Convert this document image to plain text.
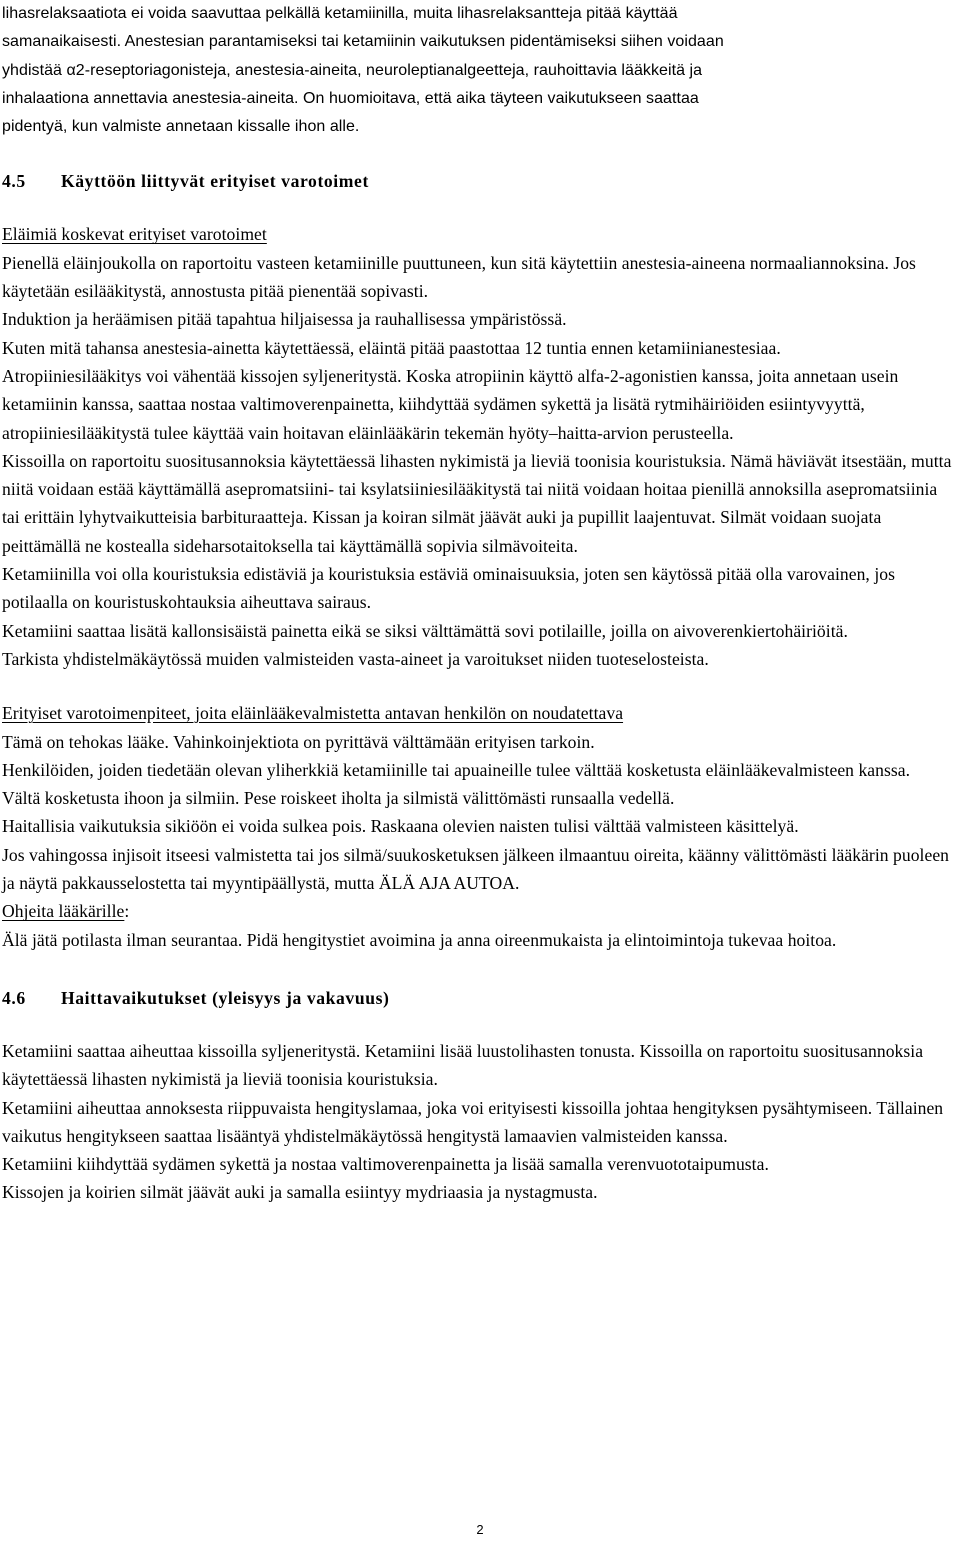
lihasrelaksaatiota ei voida saavuttaa pelkällä ketamiinilla, muita lihasrelaksantteja pitää käyttää

samanaikaisesti. Anestesian parantamiseksi tai ketamiinin vaikutuksen pidentämiseksi siihen voidaan

yhdistää α2-reseptoriagonisteja, anestesia-aineita, neuroleptianalgeetteja, rauhoittavia lääkkeitä ja

inhalaationa annettavia anestesia-aineita. On huomioitava, että aika täyteen vaikutukseen saattaa

pidentyä, kun valmiste annetaan kissalle ihon alle.

4.5	Käyttöön liittyvät erityiset varotoimet

Eläimiä koskevat erityiset varotoimet

Pienellä eläinjoukolla on raportoitu vasteen ketamiinille puuttuneen, kun sitä käytettiin anestesia-aineena normaaliannoksina. Jos käytetään esilääkitystä, annostusta pitää pienentää sopivasti.

Induktion ja heräämisen pitää tapahtua hiljaisessa ja rauhallisessa ympäristössä.

Kuten mitä tahansa anestesia-ainetta käytettäessä, eläintä pitää paastottaa 12 tuntia ennen ketamiinianestesiaa.

Atropiiniesilääkitys voi vähentää kissojen syljeneritystä. Koska atropiinin käyttö alfa-2-agonistien kanssa, joita annetaan usein ketamiinin kanssa, saattaa nostaa valtimoverenpainetta, kiihdyttää sydämen sykettä ja lisätä rytmihäiriöiden esiintyvyyttä, atropiiniesilääkitystä tulee käyttää vain hoitavan eläinlääkärin tekemän hyöty–haitta-arvion perusteella.

Kissoilla on raportoitu suositusannoksia käytettäessä lihasten nykimistä ja lieviä toonisia kouristuksia. Nämä häviävät itsestään, mutta niitä voidaan estää käyttämällä asepromatsiini- tai ksylatsiiniesilääkitystä tai niitä voidaan hoitaa pienillä annoksilla asepromatsiinia tai erittäin lyhytvaikutteisia barbituraatteja. Kissan ja koiran silmät jäävät auki ja pupillit laajentuvat. Silmät voidaan suojata peittämällä ne kostealla sideharsotaitoksella tai käyttämällä sopivia silmävoiteita.

Ketamiinilla voi olla kouristuksia edistäviä ja kouristuksia estäviä ominaisuuksia, joten sen käytössä pitää olla varovainen, jos potilaalla on kouristuskohtauksia aiheuttava sairaus.

Ketamiini saattaa lisätä kallonsisäistä painetta eikä se siksi välttämättä sovi potilaille, joilla on aivoverenkiertohäiriöitä.

Tarkista yhdistelmäkäytössä muiden valmisteiden vasta-aineet ja varoitukset niiden tuoteselosteista.

Erityiset varotoimenpiteet, joita eläinlääkevalmistetta antavan henkilön on noudatettava

Tämä on tehokas lääke. Vahinkoinjektiota on pyrittävä välttämään erityisen tarkoin.

Henkilöiden, joiden tiedetään olevan yliherkkiä ketamiinille tai apuaineille tulee välttää kosketusta eläinlääkevalmisteen kanssa.

Vältä kosketusta ihoon ja silmiin. Pese roiskeet iholta ja silmistä välittömästi runsaalla vedellä.

Haitallisia vaikutuksia sikiöön ei voida sulkea pois. Raskaana olevien naisten tulisi välttää valmisteen käsittelyä.

Jos vahingossa injisoit itseesi valmistetta tai jos silmä/suukosketuksen jälkeen ilmaantuu oireita, käänny välittömästi lääkärin puoleen ja näytä pakkausselostetta tai myyntipäällystä, mutta ÄLÄ AJA AUTOA.

Ohjeita lääkärille:

Älä jätä potilasta ilman seurantaa. Pidä hengitystiet avoimina ja anna oireenmukaista ja elintoimintoja tukevaa hoitoa.

4.6	Haittavaikutukset (yleisyys ja vakavuus)

Ketamiini saattaa aiheuttaa kissoilla syljeneritystä. Ketamiini lisää luustolihasten tonusta. Kissoilla on raportoitu suositusannoksia käytettäessä lihasten nykimistä ja lieviä toonisia kouristuksia.

Ketamiini aiheuttaa annoksesta riippuvaista hengityslamaa, joka voi erityisesti kissoilla johtaa hengityksen pysähtymiseen. Tällainen vaikutus hengitykseen saattaa lisääntyä yhdistelmäkäytössä hengitystä lamaavien valmisteiden kanssa.

Ketamiini kiihdyttää sydämen sykettä ja nostaa valtimoverenpainetta ja lisää samalla verenvuototaipumusta.

Kissojen ja koirien silmät jäävät auki ja samalla esiintyy mydriaasia ja nystagmusta.

2
